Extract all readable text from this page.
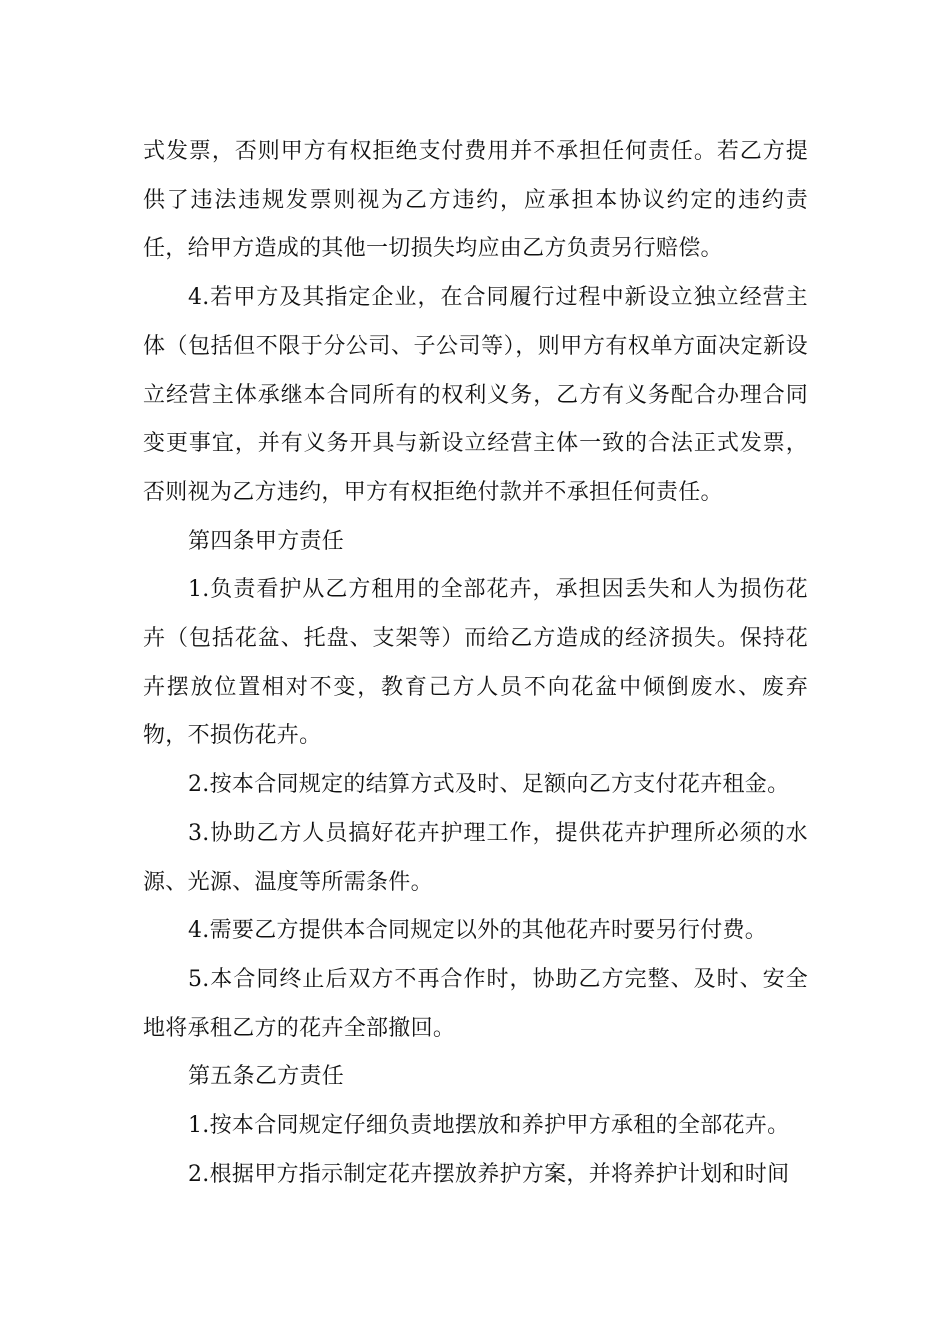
式发票，否则甲方有权拒绝支付费用并不承担任何责任。若乙方提供了违法违规发票则视为乙方违约，应承担本协议约定的违约责任，给甲方造成的其他一切损失均应由乙方负责另行赔偿。

4.若甲方及其指定企业，在合同履行过程中新设立独立经营主体（包括但不限于分公司、子公司等），则甲方有权单方面决定新设立经营主体承继本合同所有的权利义务，乙方有义务配合办理合同变更事宜，并有义务开具与新设立经营主体一致的合法正式发票，否则视为乙方违约，甲方有权拒绝付款并不承担任何责任。

第四条甲方责任

1.负责看护从乙方租用的全部花卉，承担因丢失和人为损伤花卉（包括花盆、托盘、支架等）而给乙方造成的经济损失。保持花卉摆放位置相对不变，教育己方人员不向花盆中倾倒废水、废弃物，不损伤花卉。

2.按本合同规定的结算方式及时、足额向乙方支付花卉租金。

3.协助乙方人员搞好花卉护理工作，提供花卉护理所必须的水源、光源、温度等所需条件。

4.需要乙方提供本合同规定以外的其他花卉时要另行付费。

5.本合同终止后双方不再合作时，协助乙方完整、及时、安全地将承租乙方的花卉全部撤回。

第五条乙方责任

1.按本合同规定仔细负责地摆放和养护甲方承租的全部花卉。

2.根据甲方指示制定花卉摆放养护方案，并将养护计划和时间
